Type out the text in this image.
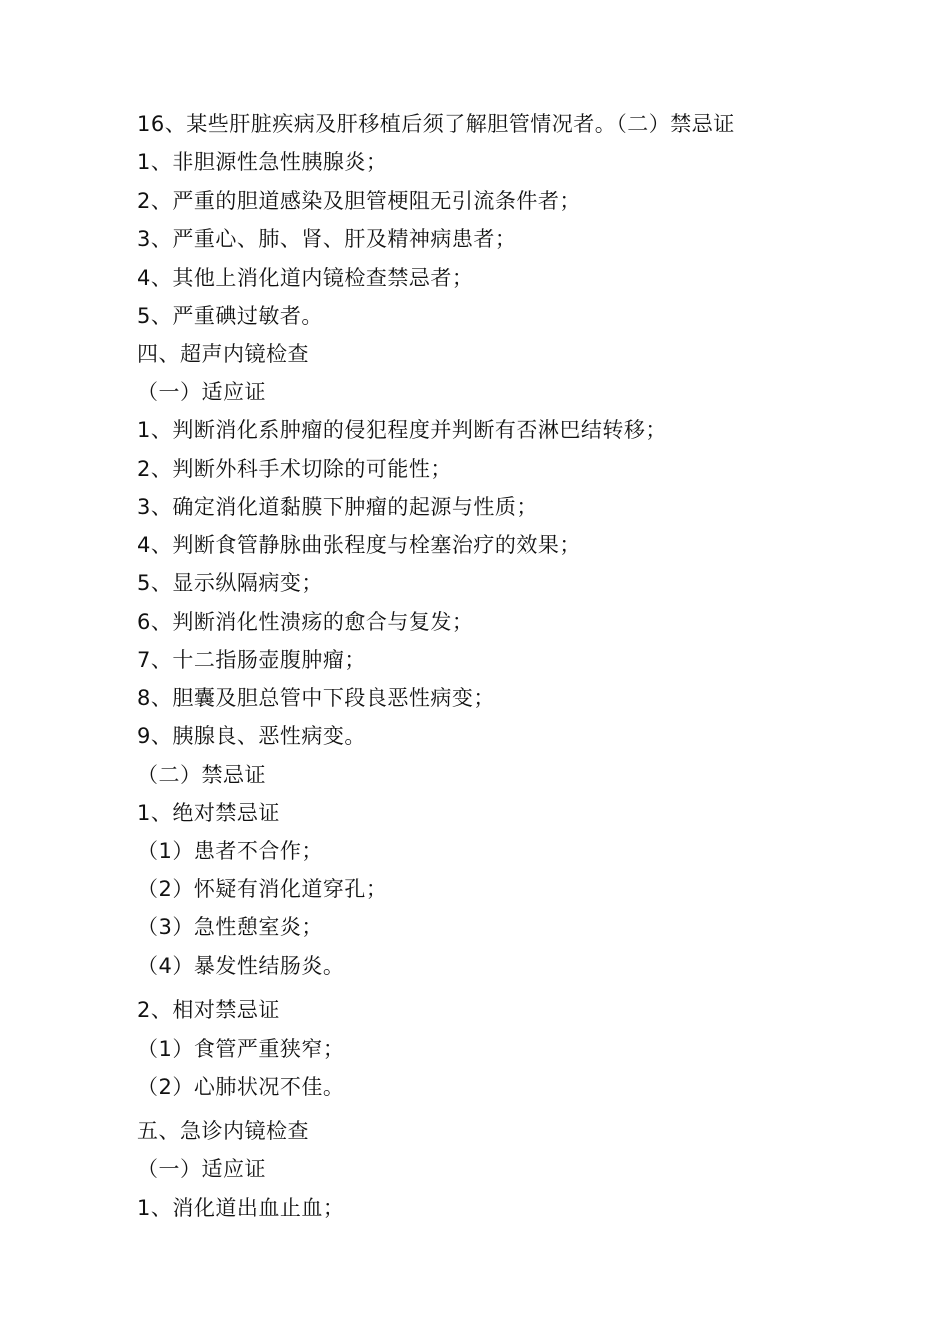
16、某些肝脏疾病及肝移植后须了解胆管情况者。（二）禁忌证
1、非胆源性急性胰腺炎；
2、严重的胆道感染及胆管梗阻无引流条件者；
3、严重心、肺、肾、肝及精神病患者；
4、其他上消化道内镜检查禁忌者；
5、严重碘过敏者。
四、超声内镜检查
（一）适应证
1、判断消化系肿瘤的侵犯程度并判断有否淋巴结转移；
2、判断外科手术切除的可能性；
3、确定消化道黏膜下肿瘤的起源与性质；
4、判断食管静脉曲张程度与栓塞治疗的效果；
5、显示纵隔病变；
6、判断消化性溃疡的愈合与复发；
7、十二指肠壶腹肿瘤；
8、胆囊及胆总管中下段良恶性病变；
9、胰腺良、恶性病变。
（二）禁忌证
1、绝对禁忌证
（1）患者不合作；
（2）怀疑有消化道穿孔；
（3）急性憩室炎；
（4）暴发性结肠炎。
2、相对禁忌证
（1）食管严重狭窄；
（2）心肺状况不佳。
五、急诊内镜检查
（一）适应证
1、消化道出血止血；
